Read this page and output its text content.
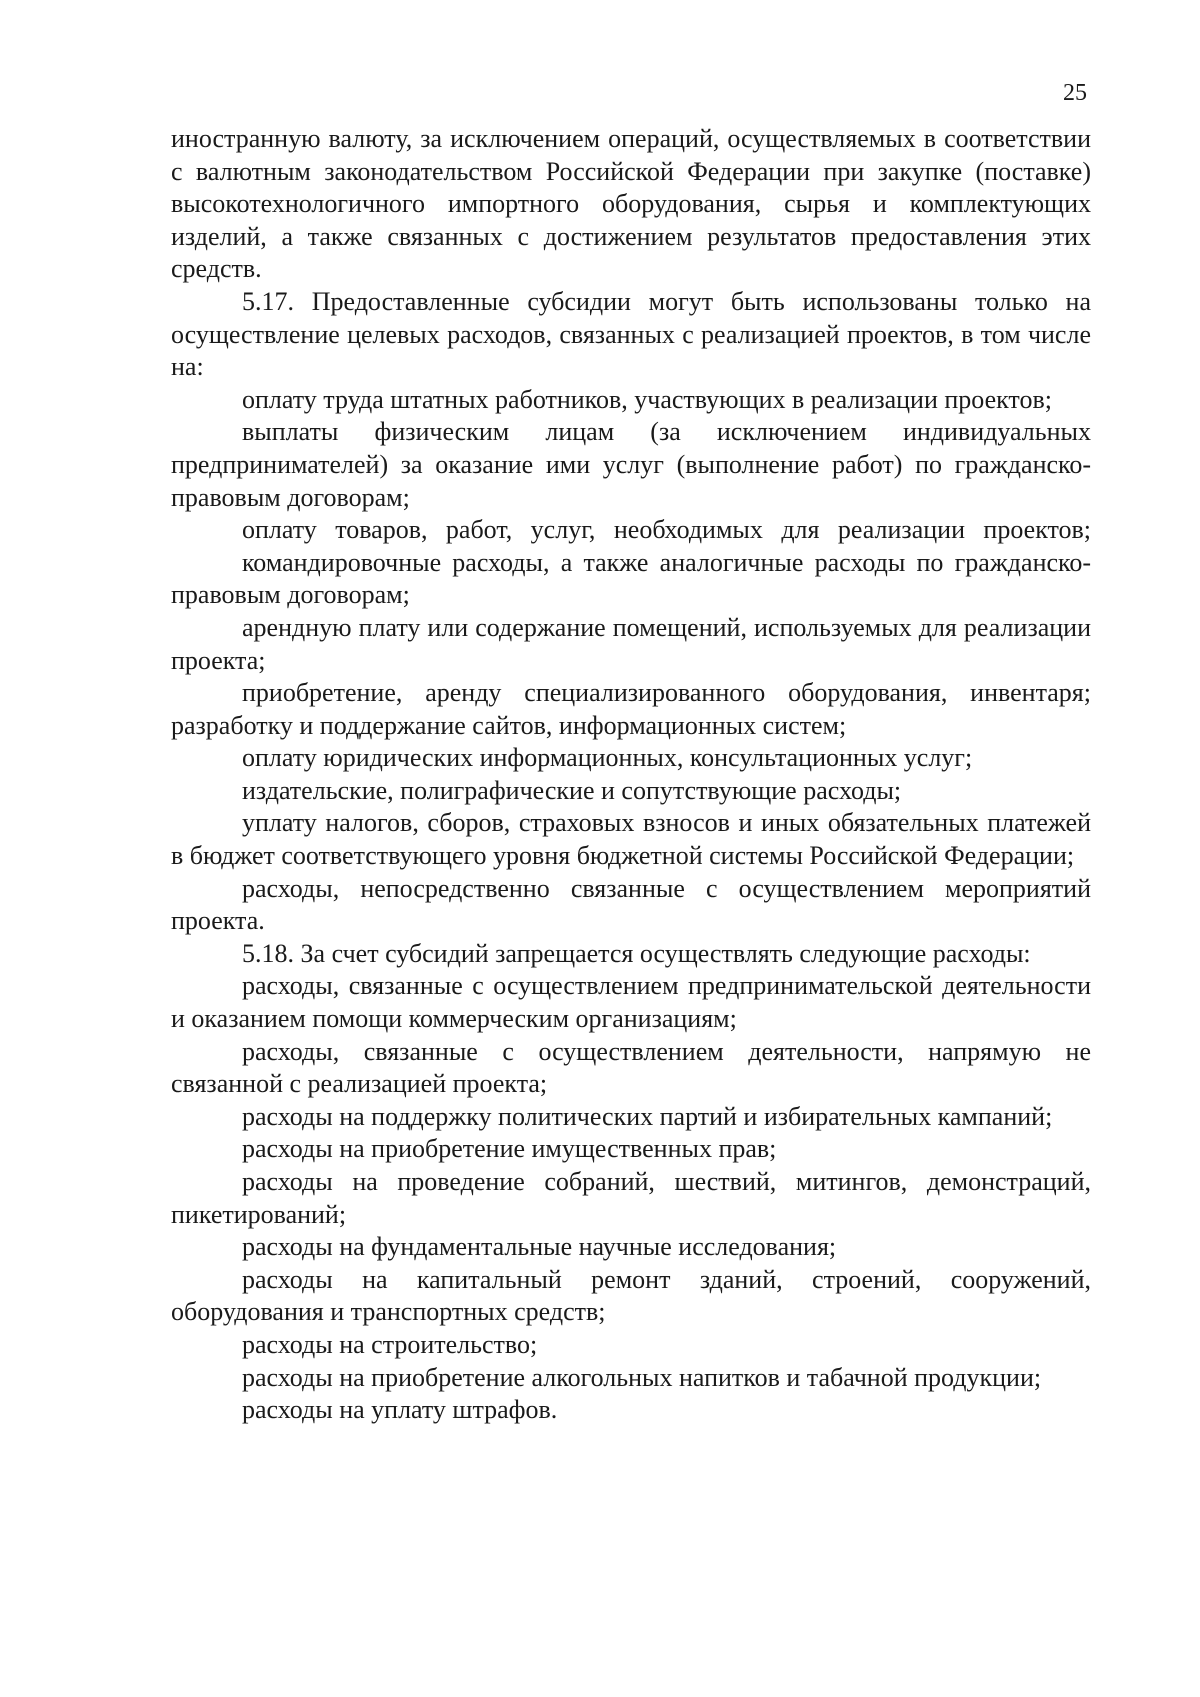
25

иностранную валюту, за исключением операций, осуществляемых в соответствии с валютным законодательством Российской Федерации при закупке (поставке) высокотехнологичного импортного оборудования, сырья и комплектующих изделий, а также связанных с достижением результатов предоставления этих средств.

5.17. Предоставленные субсидии могут быть использованы только на осуществление целевых расходов, связанных с реализацией проектов, в том числе на:

оплату труда штатных работников, участвующих в реализации проектов;

выплаты физическим лицам (за исключением индивидуальных предпринимателей) за оказание ими услуг (выполнение работ) по гражданско-правовым договорам;

оплату товаров, работ, услуг, необходимых для реализации проектов;

командировочные расходы, а также аналогичные расходы по гражданско-правовым договорам;

арендную плату или содержание помещений, используемых для реализации проекта;

приобретение, аренду специализированного оборудования, инвентаря; разработку и поддержание сайтов, информационных систем;

оплату юридических информационных, консультационных услуг;

издательские, полиграфические и сопутствующие расходы;

уплату налогов, сборов, страховых взносов и иных обязательных платежей в бюджет соответствующего уровня бюджетной системы Российской Федерации;

расходы, непосредственно связанные с осуществлением мероприятий проекта.

5.18. За счет субсидий запрещается осуществлять следующие расходы:

расходы, связанные с осуществлением предпринимательской деятельности и оказанием помощи коммерческим организациям;

расходы, связанные с осуществлением деятельности, напрямую не связанной с реализацией проекта;

расходы на поддержку политических партий и избирательных кампаний;

расходы на приобретение имущественных прав;

расходы на проведение собраний, шествий, митингов, демонстраций, пикетирований;

расходы на фундаментальные научные исследования;

расходы на капитальный ремонт зданий, строений, сооружений, оборудования и транспортных средств;

расходы на строительство;

расходы на приобретение алкогольных напитков и табачной продукции;

расходы на уплату штрафов.
